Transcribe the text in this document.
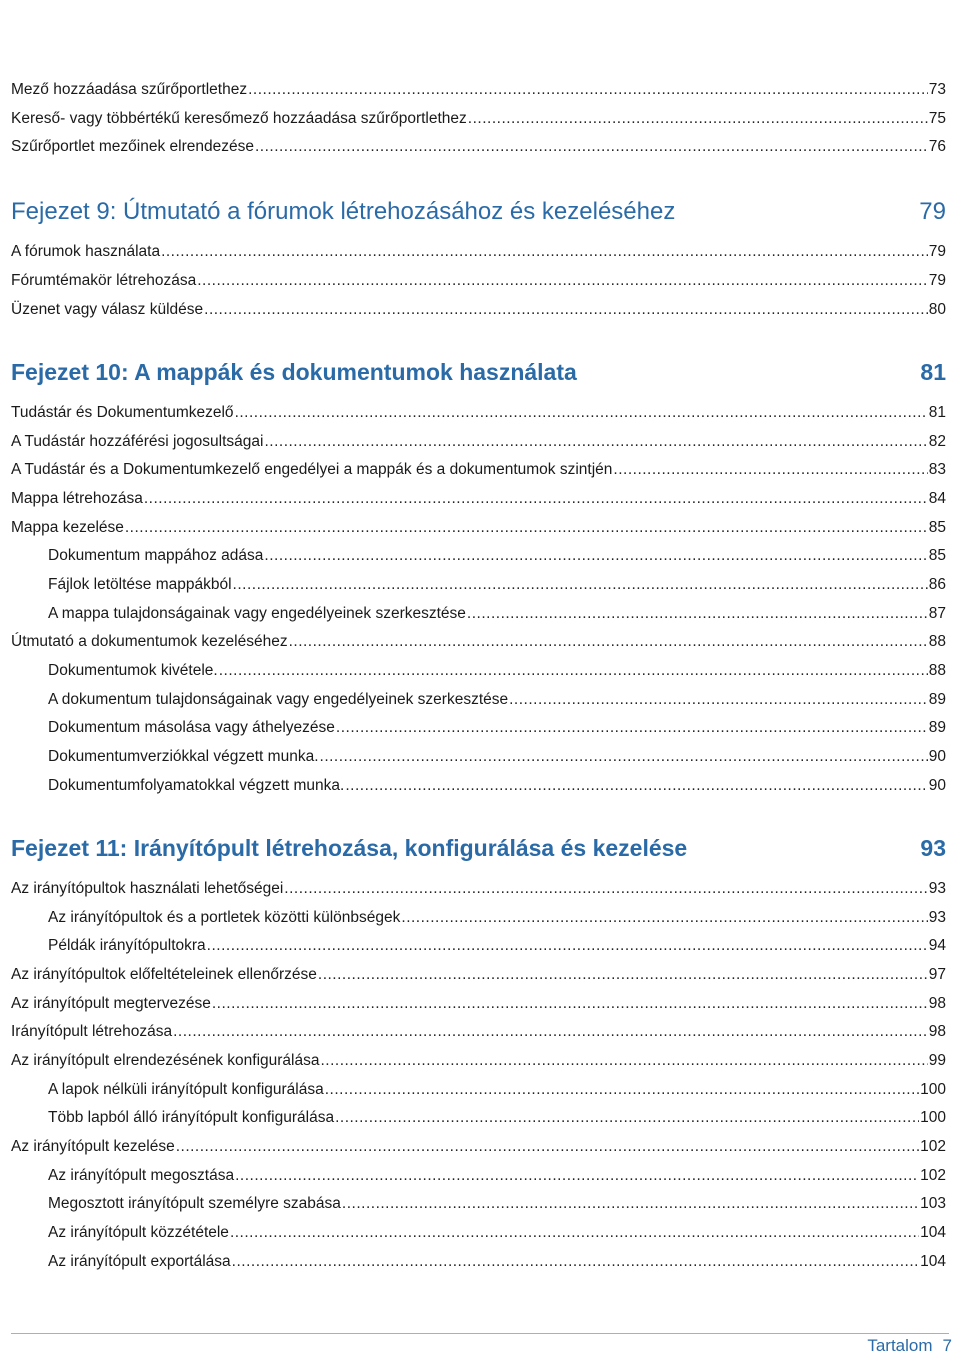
Mező hozzáadása szűrőportlethez .....	73
Kereső- vagy többértékű keresőmező hozzáadása szűrőportlethez .....	75
Szűrőportlet mezőinek elrendezése .....	76
Fejezet 9: Útmutató a fórumok létrehozásához és kezeléséhez	79
A fórumok használata .....	79
Fórumtémakör létrehozása .....	79
Üzenet vagy válasz küldése .....	80
Fejezet 10: A mappák és dokumentumok használata	81
Tudástár és Dokumentumkezelő .....	81
A Tudástár hozzáférési jogosultságai .....	82
A Tudástár és a Dokumentumkezelő engedélyei a mappák és a dokumentumok szintjén .....	83
Mappa létrehozása .....	84
Mappa kezelése .....	85
Dokumentum mappához adása .....	85
Fájlok letöltése mappákból .....	86
A mappa tulajdonságainak vagy engedélyeinek szerkesztése .....	87
Útmutató a dokumentumok kezeléséhez .....	88
Dokumentumok kivétele. .....	88
A dokumentum tulajdonságainak vagy engedélyeinek szerkesztése .....	89
Dokumentum másolása vagy áthelyezése .....	89
Dokumentumverziókkal végzett munka. .....	90
Dokumentumfolyamatokkal végzett munka. .....	90
Fejezet 11: Irányítópult létrehozása, konfigurálása és kezelése	93
Az irányítópultok használati lehetőségei .....	93
Az irányítópultok és a portletek közötti különbségek .....	93
Példák irányítópultokra .....	94
Az irányítópultok előfeltételeinek ellenőrzése .....	97
Az irányítópult megtervezése .....	98
Irányítópult létrehozása .....	98
Az irányítópult elrendezésének konfigurálása .....	99
A lapok nélküli irányítópult konfigurálása .....	100
Több lapból álló irányítópult konfigurálása .....	100
Az irányítópult kezelése .....	102
Az irányítópult megosztása .....	102
Megosztott irányítópult személyre szabása .....	103
Az irányítópult közzététele .....	104
Az irányítópult exportálása .....	104
Tartalom 7
